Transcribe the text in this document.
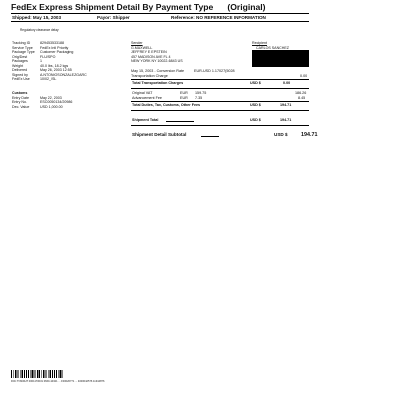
FedEx Express Shipment Detail By Payment Type (Original)
Shipped: May 15, 2003	Payor: Shipper	Reference: NO REFERENCE INFORMATION
Regulatory clearance delay
Tracking ID	829453533188
Service Type FedEx Intl Priority
Package Type Customer Packaging
Orig/Dest	FLU/SPO
Packages	1
Weight	40.0 lbs, 18.2 kgs
Delivered	May 26, 2003 12:55
Signed by	A.NTONIOSONZALEZGARC
FedEx Use	10/02_/SL
Customs
Entry Date	May 22, 2003
Entry No.	ESC0050134/20986
Dec. Value	USD 1,000.00
Sender
G.MAXWELL
JEFFREY E EPSTEIN
457 MADISON AVE FL 4
NEW YORK NY 10022-6843 US
Recipient
CARLOS SANCHEZ
May 15, 2003 - Conversion Rate	EUR-USD 1.17027(5028
Transportation Charge	0.00
Total Transportation Charges	USD $	0.00
Original VAT	EUR 159.75	186.26
Advancement Fee	EUR 7.35	8.45
Total Duties, Tax, Customs, Other Fees	USD $	194.71
Shipment Total	USD $	194.71
Shipment Detail Subtotal	USD $ 194.71
FDC TNSWHT 0001170031 0660-10321 ... F00026771 ... 4000042576 11344876
